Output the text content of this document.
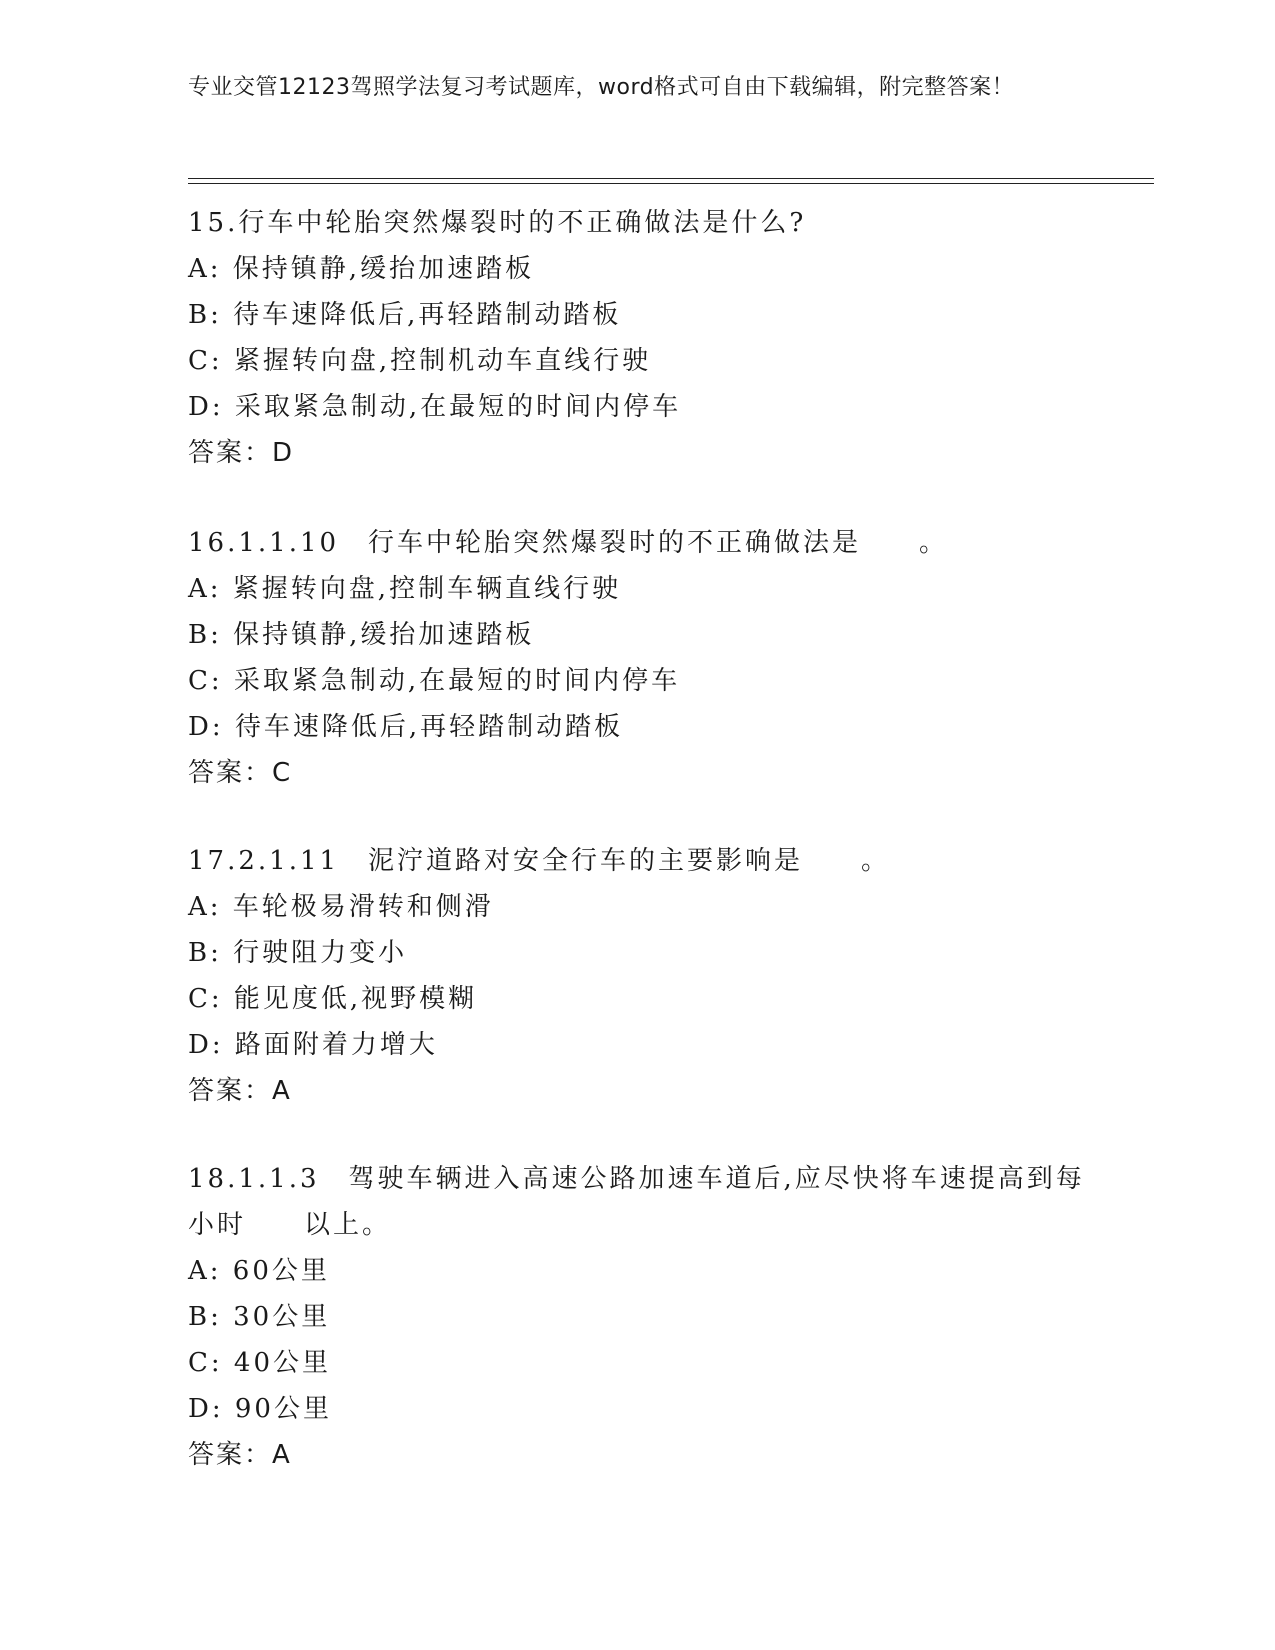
专业交管12123驾照学法复习考试题库，word格式可自由下载编辑，附完整答案！
15.行车中轮胎突然爆裂时的不正确做法是什么?
A: 保持镇静,缓抬加速踏板
B: 待车速降低后,再轻踏制动踏板
C: 紧握转向盘,控制机动车直线行驶
D: 采取紧急制动,在最短的时间内停车
答案：D
16.1.1.10　行车中轮胎突然爆裂时的不正确做法是　　。
A: 紧握转向盘,控制车辆直线行驶
B: 保持镇静,缓抬加速踏板
C: 采取紧急制动,在最短的时间内停车
D: 待车速降低后,再轻踏制动踏板
答案：C
17.2.1.11　泥泞道路对安全行车的主要影响是　　。
A: 车轮极易滑转和侧滑
B: 行驶阻力变小
C: 能见度低,视野模糊
D: 路面附着力增大
答案：A
18.1.1.3　驾驶车辆进入高速公路加速车道后,应尽快将车速提高到每
小时　　以上。
A: 60公里
B: 30公里
C: 40公里
D: 90公里
答案：A
